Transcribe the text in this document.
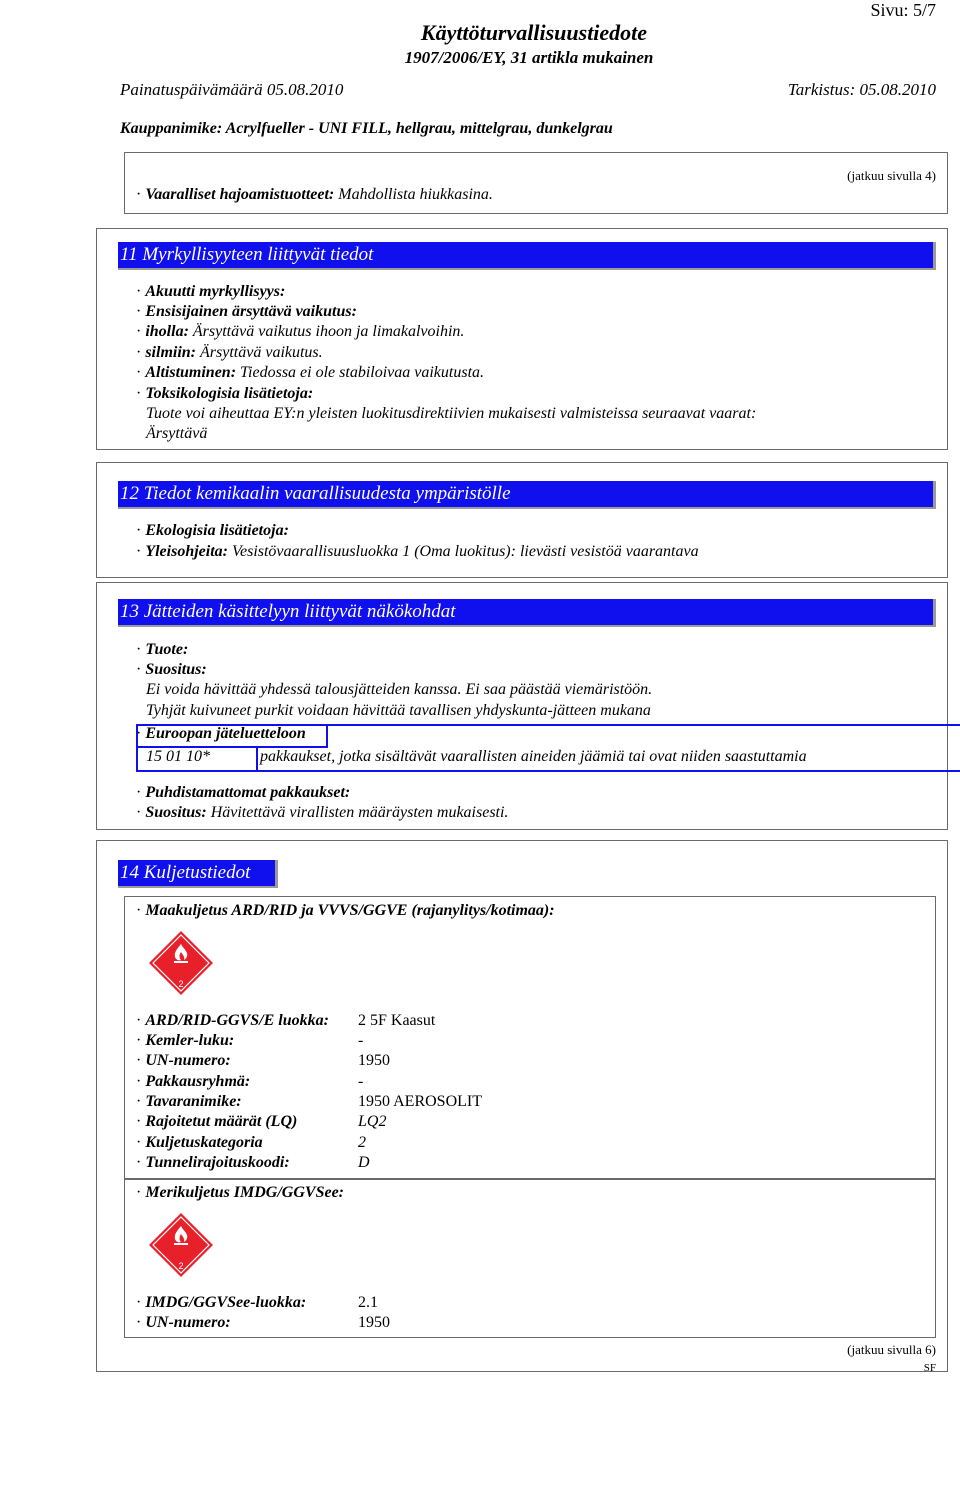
Sivu: 5/7
Käyttöturvallisuustiedote
1907/2006/EY, 31 artikla mukainen
Painatuspäivämäärä 05.08.2010	Tarkistus: 05.08.2010
Kauppanimike: Acrylfueller - UNI FILL, hellgrau, mittelgrau, dunkelgrau
(jatkuu sivulla 4)
· Vaaralliset hajoamistuotteet: Mahdollista hiukkasina.
11 Myrkyllisyyteen liittyvät tiedot
· Akuutti myrkyllisyys:
· Ensisijainen ärsyttävä vaikutus:
· iholla: Ärsyttävä vaikutus ihoon ja limakalvoihin.
· silmiin: Ärsyttävä vaikutus.
· Altistuminen: Tiedossa ei ole stabiloivaa vaikutusta.
· Toksikologisia lisätietoja:
Tuote voi aiheuttaa EY:n yleisten luokitusdirektiivien mukaisesti valmisteissa seuraavat vaarat:
Ärsyttävä
12 Tiedot kemikaalin vaarallisuudesta ympäristölle
· Ekologisia lisätietoja:
· Yleisohjeita: Vesistövaarallisuusluokka 1 (Oma luokitus): lievästi vesistöä vaarantava
13 Jätteiden käsittelyyn liittyvät näkökohdat
· Tuote:
· Suositus:
Ei voida hävittää yhdessä talousjätteiden kanssa. Ei saa päästää viemäristöön.
Tyhjät kuivuneet purkit voidaan hävittää tavallisen yhdyskunta-jätteen mukana
· Euroopan jäteluetteloon
15 01 10*	pakkaukset, jotka sisältävät vaarallisten aineiden jäämiä tai ovat niiden saastuttamia
· Puhdistamattomat pakkaukset:
· Suositus: Hävitettävä virallisten määräysten mukaisesti.
14 Kuljetustiedot
· Maakuljetus ARD/RID ja VVVS/GGVE (rajanylitys/kotimaa):
2
· ARD/RID-GGVS/E luokka: 2 5F Kaasut
· Kemler-luku:	-
· UN-numero:	1950
· Pakkausryhmä:	-
· Tavaranimike:	1950 AEROSOLIT
· Rajoitetut määrät (LQ)	LQ2
· Kuljetuskategoria	2
· Tunnelirajoituskoodi:	D
· Merikuljetus IMDG/GGVSee:
2
· IMDG/GGVSee-luokka:	2.1
· UN-numero:	1950
(jatkuu sivulla 6)
SF
